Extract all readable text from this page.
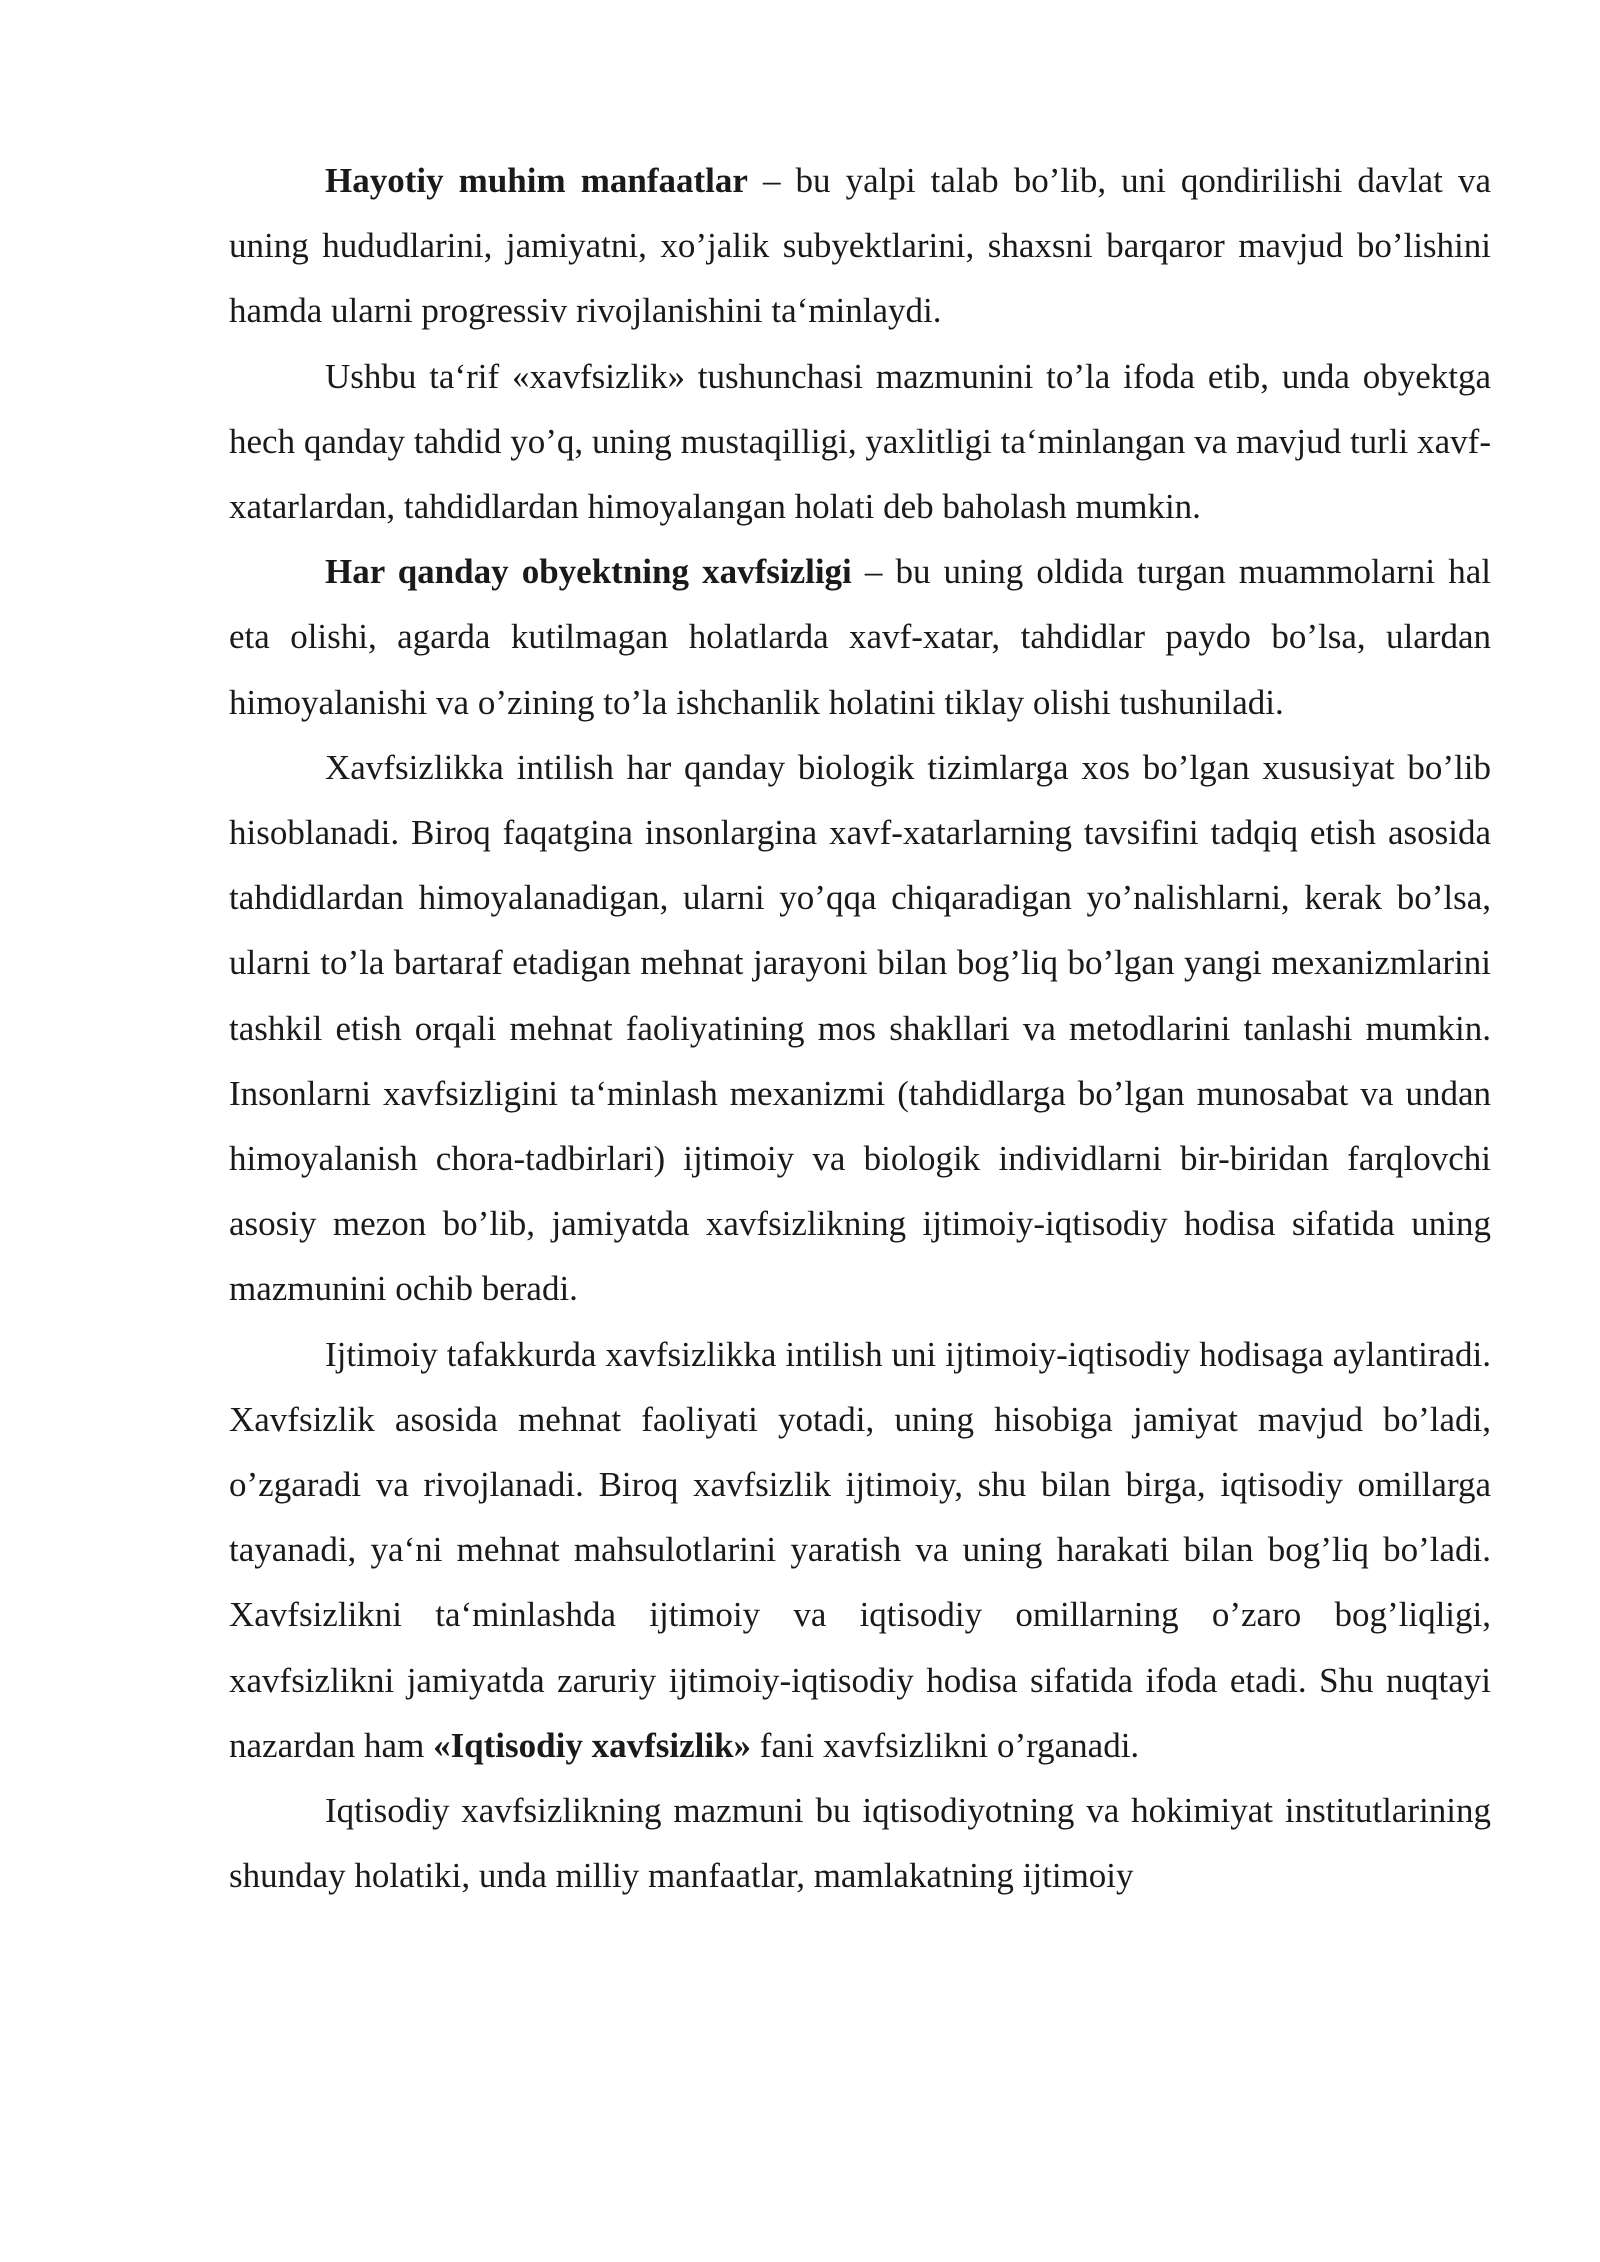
Hayotiy muhim manfaatlar – bu yalpi talab bo’lib, uni qondirilishi davlat va uning hududlarini, jamiyatni, xo’jalik subyektlarini, shaxsni barqaror mavjud bo’lishini hamda ularni progressiv rivojlanishini taʻminlaydi.

Ushbu taʻrif «xavfsizlik» tushunchasi mazmunini to’la ifoda etib, unda obyektga hech qanday tahdid yo’q, uning mustaqilligi, yaxlitligi taʻminlangan va mavjud turli xavf-xatarlardan, tahdidlardan himoyalangan holati deb baholash mumkin.

Har qanday obyektning xavfsizligi – bu uning oldida turgan muammolarni hal eta olishi, agarda kutilmagan holatlarda xavf-xatar, tahdidlar paydo bo’lsa, ulardan himoyalanishi va o’zining to’la ishchanlik holatini tiklay olishi tushuniladi.

Xavfsizlikka intilish har qanday biologik tizimlarga xos bo’lgan xususiyat bo’lib hisoblanadi. Biroq faqatgina insonlargina xavf-xatarlarning tavsifini tadqiq etish asosida tahdidlardan himoyalanadigan, ularni yo’qqa chiqaradigan yo’nalishlarni, kerak bo’lsa, ularni to’la bartaraf etadigan mehnat jarayoni bilan bog’liq bo’lgan yangi mexanizmlarini tashkil etish orqali mehnat faoliyatining mos shakllari va metodlarini tanlashi mumkin. Insonlarni xavfsizligini taʻminlash mexanizmi (tahdidlarga bo’lgan munosabat va undan himoyalanish chora-tadbirlari) ijtimoiy va biologik individlarni bir-biridan farqlovchi asosiy mezon bo’lib, jamiyatda xavfsizlikning ijtimoiy-iqtisodiy hodisa sifatida uning mazmunini ochib beradi.

Ijtimoiy tafakkurda xavfsizlikka intilish uni ijtimoiy-iqtisodiy hodisaga aylantiradi. Xavfsizlik asosida mehnat faoliyati yotadi, uning hisobiga jamiyat mavjud bo’ladi, o’zgaradi va rivojlanadi. Biroq xavfsizlik ijtimoiy, shu bilan birga, iqtisodiy omillarga tayanadi, yaʻni mehnat mahsulotlarini yaratish va uning harakati bilan bog’liq bo’ladi. Xavfsizlikni taʻminlashda ijtimoiy va iqtisodiy omillarning o’zaro bog’liqligi, xavfsizlikni jamiyatda zaruriy ijtimoiy-iqtisodiy hodisa sifatida ifoda etadi. Shu nuqtayi nazardan ham «Iqtisodiy xavfsizlik» fani xavfsizlikni o’rganadi.

Iqtisodiy xavfsizlikning mazmuni bu iqtisodiyotning va hokimiyat institutlarining shunday holatiki, unda milliy manfaatlar, mamlakatning ijtimoiy
